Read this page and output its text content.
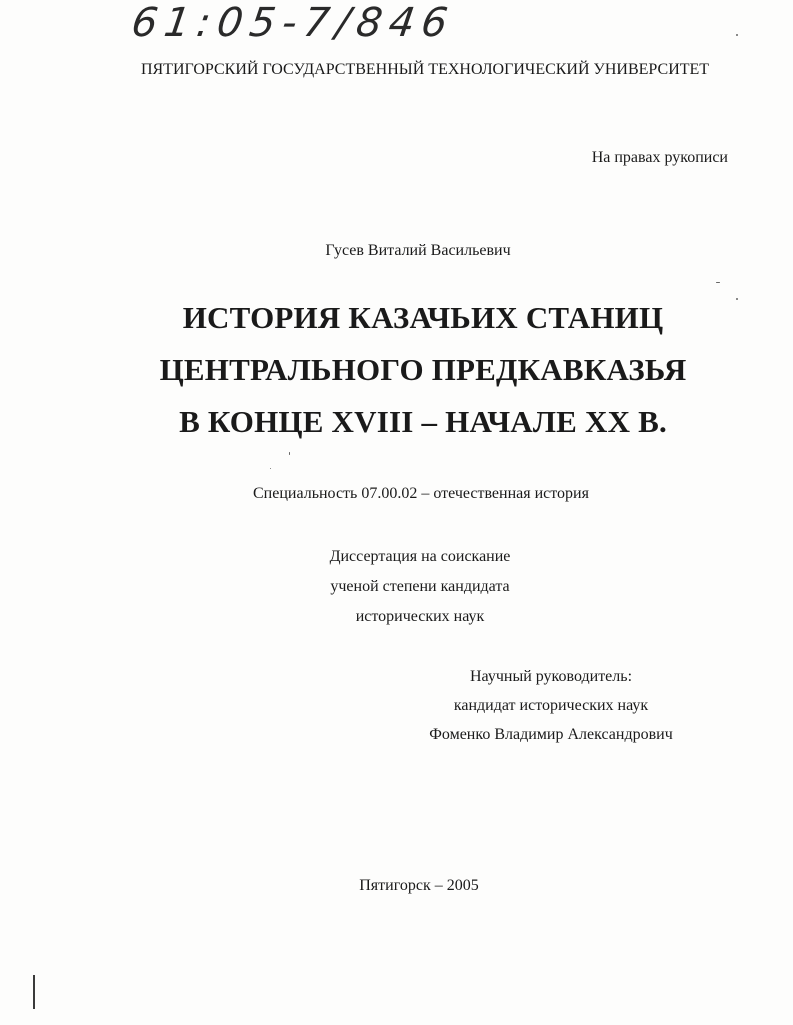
61:05-7/846
ПЯТИГОРСКИЙ ГОСУДАРСТВЕННЫЙ ТЕХНОЛОГИЧЕСКИЙ УНИВЕРСИТЕТ
На правах рукописи
Гусев Виталий Васильевич
ИСТОРИЯ КАЗАЧЬИХ СТАНИЦ
ЦЕНТРАЛЬНОГО ПРЕДКАВКАЗЬЯ
В КОНЦЕ XVIII – НАЧАЛЕ XX В.
Специальность 07.00.02 – отечественная история
Диссертация на соискание
ученой степени кандидата
исторических наук
Научный руководитель:
кандидат исторических наук
Фоменко Владимир Александрович
Пятигорск – 2005
